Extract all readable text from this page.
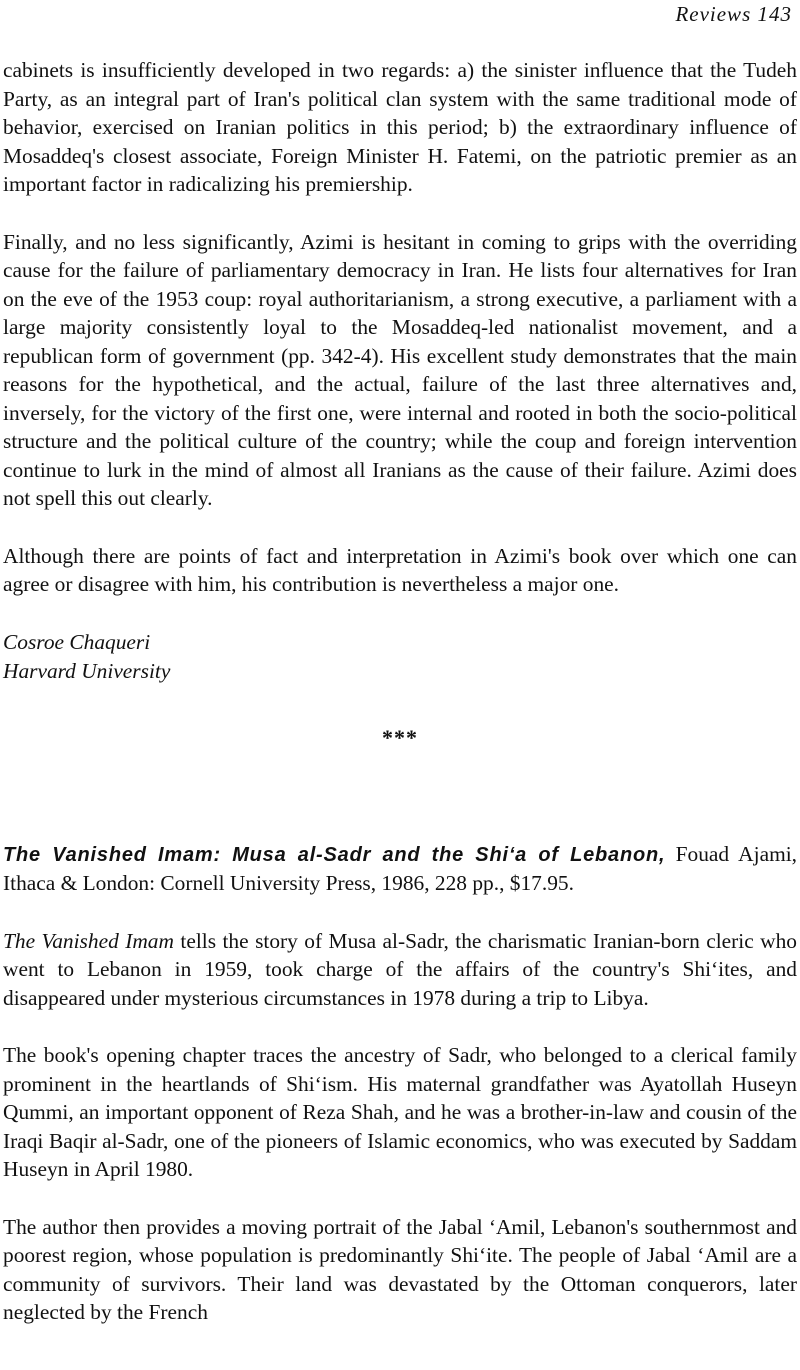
Reviews 143

cabinets is insufficiently developed in two regards: a) the sinister influence that the Tudeh Party, as an integral part of Iran's political clan system with the same traditional mode of behavior, exercised on Iranian politics in this period; b) the extraordinary influence of Mosaddeq's closest associate, Foreign Minister H. Fatemi, on the patriotic premier as an important factor in radicalizing his premiership.

Finally, and no less significantly, Azimi is hesitant in coming to grips with the overriding cause for the failure of parliamentary democracy in Iran. He lists four alternatives for Iran on the eve of the 1953 coup: royal authoritarianism, a strong executive, a parliament with a large majority consistently loyal to the Mosaddeq-led nationalist movement, and a republican form of government (pp. 342-4). His excellent study demonstrates that the main reasons for the hypothetical, and the actual, failure of the last three alternatives and, inversely, for the victory of the first one, were internal and rooted in both the socio-political structure and the political culture of the country; while the coup and foreign intervention continue to lurk in the mind of almost all Iranians as the cause of their failure. Azimi does not spell this out clearly.

Although there are points of fact and interpretation in Azimi's book over which one can agree or disagree with him, his contribution is nevertheless a major one.

Cosroe Chaqueri
Harvard University
***
The Vanished Imam: Musa al-Sadr and the Shi‘a of Lebanon, Fouad Ajami, Ithaca & London: Cornell University Press, 1986, 228 pp., $17.95.

The Vanished Imam tells the story of Musa al-Sadr, the charismatic Iranian-born cleric who went to Lebanon in 1959, took charge of the affairs of the country's Shi‘ites, and disappeared under mysterious circumstances in 1978 during a trip to Libya.

The book's opening chapter traces the ancestry of Sadr, who belonged to a clerical family prominent in the heartlands of Shi‘ism. His maternal grandfather was Ayatollah Huseyn Qummi, an important opponent of Reza Shah, and he was a brother-in-law and cousin of the Iraqi Baqir al-Sadr, one of the pioneers of Islamic economics, who was executed by Saddam Huseyn in April 1980.

The author then provides a moving portrait of the Jabal ‘Amil, Lebanon's southernmost and poorest region, whose population is predominantly Shi‘ite. The people of Jabal ‘Amil are a community of survivors. Their land was devastated by the Ottoman conquerors, later neglected by the French
